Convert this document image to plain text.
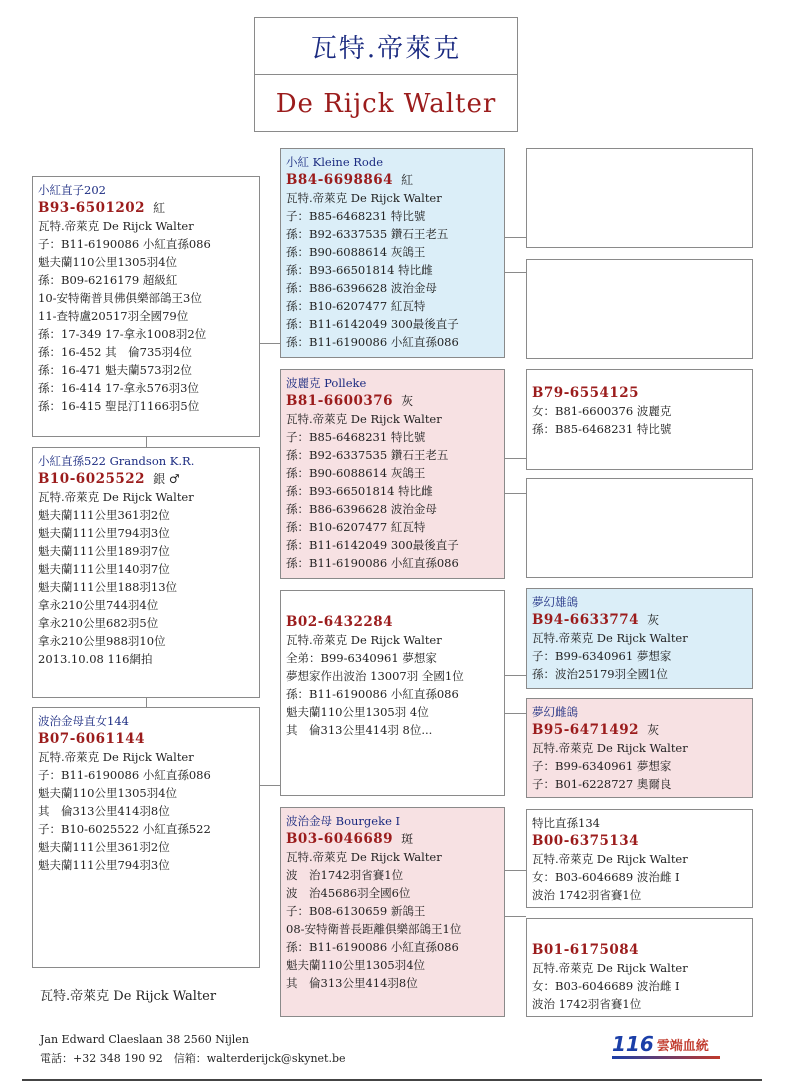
瓦特.帝萊克
De Rijck Walter
小紅直子202
B93-6501202 紅
瓦特.帝萊克 De Rijck Walter
子：B11-6190086 小紅直孫086
魁夫蘭110公里1305羽4位
孫：B09-6216179 超級紅
10-安特衛普貝佛俱樂部鴿王3位
11-查特盧20517羽全國79位
孫：17-349 17-拿永1008羽2位
孫：16-452 其　倫735羽4位
孫：16-471 魁夫蘭573羽2位
孫：16-414 17-拿永576羽3位
孫：16-415 聖昆汀1166羽5位
小紅直孫522 Grandson K.R.
B10-6025522 銀 ♂
瓦特.帝萊克 De Rijck Walter
魁夫蘭111公里361羽2位
魁夫蘭111公里794羽3位
魁夫蘭111公里189羽7位
魁夫蘭111公里140羽7位
魁夫蘭111公里188羽13位
拿永210公里744羽4位
拿永210公里682羽5位
拿永210公里988羽10位
2013.10.08 116網拍
波治金母直女144
B07-6061144
瓦特.帝萊克 De Rijck Walter
子：B11-6190086 小紅直孫086
魁夫蘭110公里1305羽4位
其　倫313公里414羽8位
子：B10-6025522 小紅直孫522
魁夫蘭111公里361羽2位
魁夫蘭111公里794羽3位
小紅 Kleine Rode
B84-6698864 紅
瓦特.帝萊克 De Rijck Walter
子：B85-6468231 特比號
孫：B92-6337535 鑽石王老五
孫：B90-6088614 灰鴿王
孫：B93-66501814 特比雌
孫：B86-6396628 波治金母
孫：B10-6207477 紅瓦特
孫：B11-6142049 300最後直子
孫：B11-6190086 小紅直孫086
波麗克 Polleke
B81-6600376 灰
瓦特.帝萊克 De Rijck Walter
子：B85-6468231 特比號
孫：B92-6337535 鑽石王老五
孫：B90-6088614 灰鴿王
孫：B93-66501814 特比雌
孫：B86-6396628 波治金母
孫：B10-6207477 紅瓦特
孫：B11-6142049 300最後直子
孫：B11-6190086 小紅直孫086
B02-6432284
瓦特.帝萊克 De Rijck Walter
全弟：B99-6340961 夢想家
夢想家作出波治 13007羽 全國1位
孫：B11-6190086 小紅直孫086
魁夫蘭110公里1305羽 4位
其　倫313公里414羽 8位...
波治金母 Bourgeke I
B03-6046689 斑
瓦特.帝萊克 De Rijck Walter
波　治1742羽省賽1位
波　治45686羽全國6位
子：B08-6130659 新鴿王
08-安特衛普長距離俱樂部鴿王1位
孫：B11-6190086 小紅直孫086
魁夫蘭110公里1305羽4位
其　倫313公里414羽8位
B79-6554125
女：B81-6600376 波麗克
孫：B85-6468231 特比號
夢幻雄鴿
B94-6633774 灰
瓦特.帝萊克 De Rijck Walter
子：B99-6340961 夢想家
孫：波治25179羽全國1位
夢幻雌鴿
B95-6471492 灰
瓦特.帝萊克 De Rijck Walter
子：B99-6340961 夢想家
子：B01-6228727 奧爾良
特比直孫134
B00-6375134
瓦特.帝萊克 De Rijck Walter
女：B03-6046689 波治雌 I
波治 1742羽省賽1位
B01-6175084
瓦特.帝萊克 De Rijck Walter
女：B03-6046689 波治雌 I
波治 1742羽省賽1位
瓦特.帝萊克 De Rijck Walter
Jan Edward Claeslaan 38 2560 Nijlen
電話：+32 348 190 92　信箱：walterderijck@skynet.be
116 雲端血統
